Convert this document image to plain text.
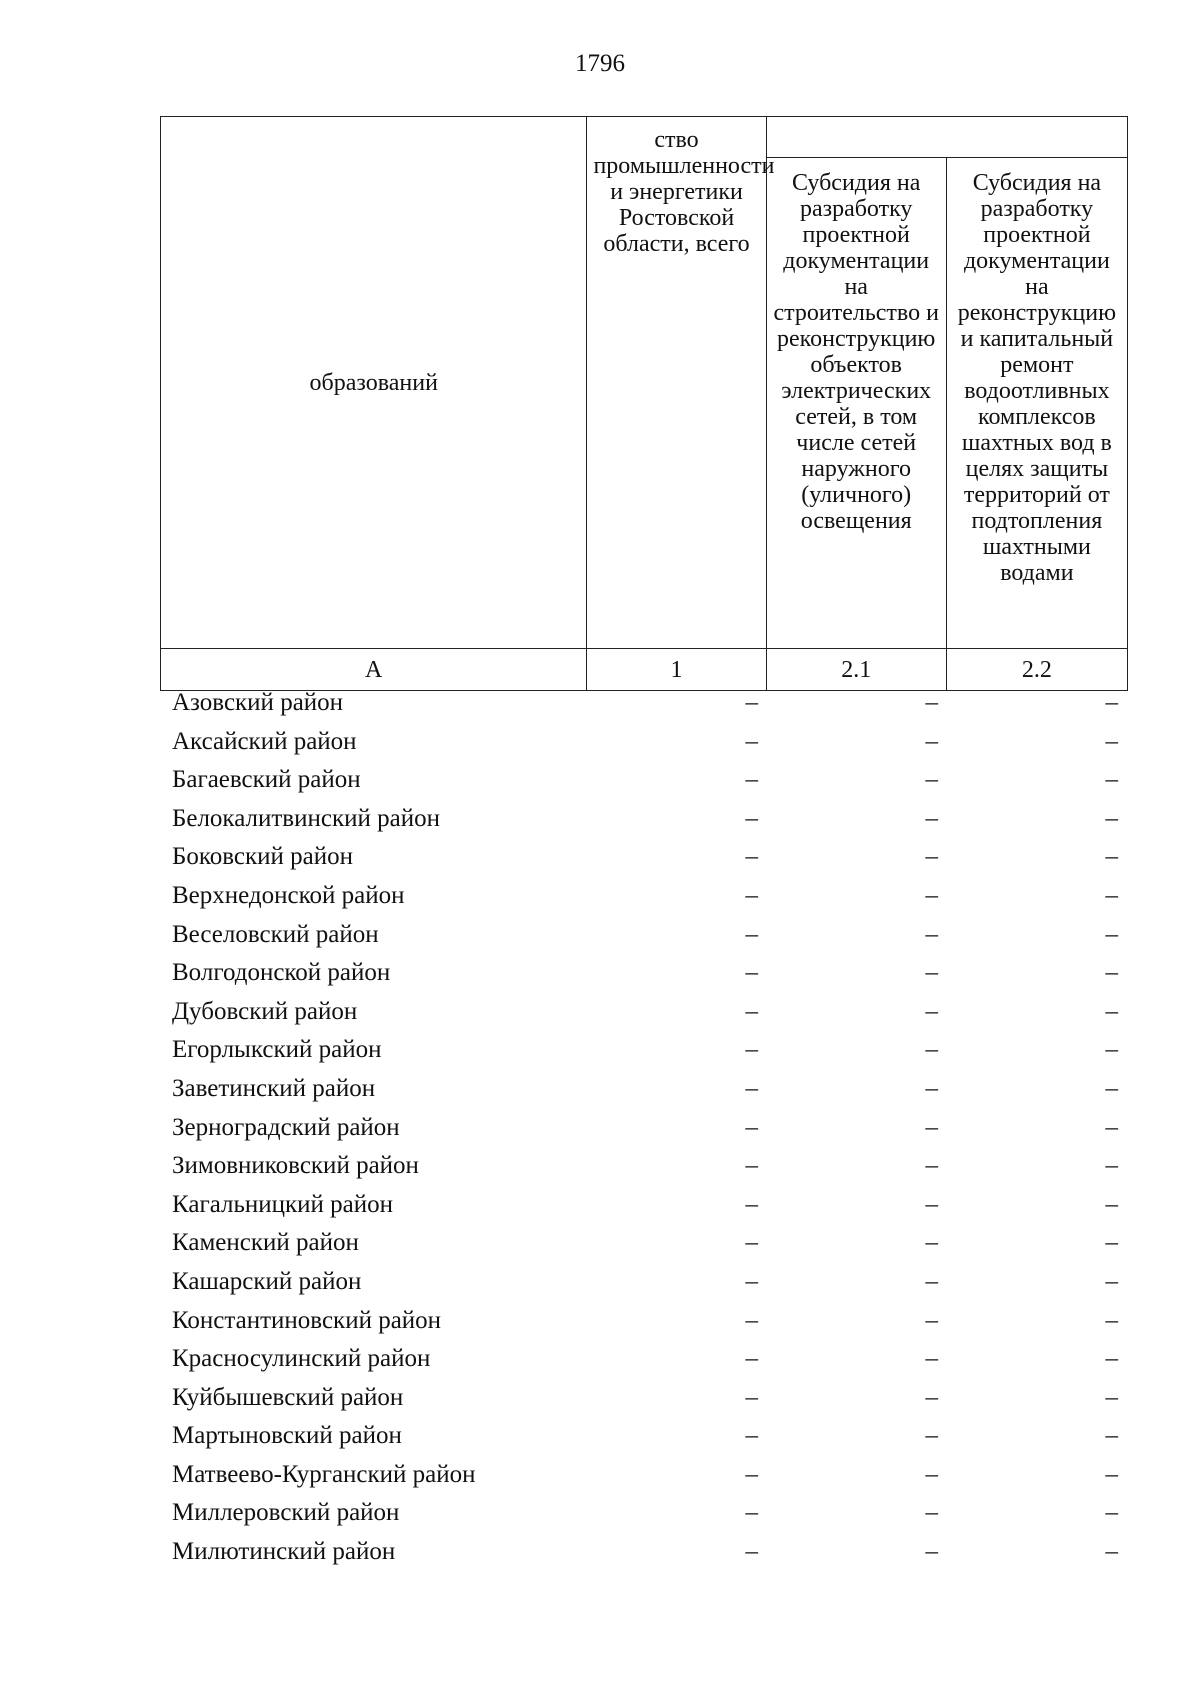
1796
образований	ство промышленности и энергетики Ростовской области, всего		
		Субсидия на разработку проектной документации на строительство и реконструкцию объектов электрических сетей, в том числе сетей наружного (уличного) освещения	Субсидия на разработку проектной документации на реконструкцию и капитальный ремонт водоотливных комплексов шахтных вод в целях защиты территорий от подтопления шахтными водами
А	1	2.1	2.2
Азовский район	–	–	–
Аксайский район	–	–	–
Багаевский район	–	–	–
Белокалитвинский район	–	–	–
Боковский район	–	–	–
Верхнедонской район	–	–	–
Веселовский район	–	–	–
Волгодонской район	–	–	–
Дубовский район	–	–	–
Егорлыкский район	–	–	–
Заветинский район	–	–	–
Зерноградский район	–	–	–
Зимовниковский район	–	–	–
Кагальницкий район	–	–	–
Каменский район	–	–	–
Кашарский район	–	–	–
Константиновский район	–	–	–
Красносулинский район	–	–	–
Куйбышевский район	–	–	–
Мартыновский район	–	–	–
Матвеево-Курганский район	–	–	–
Миллеровский район	–	–	–
Милютинский район	–	–	–
